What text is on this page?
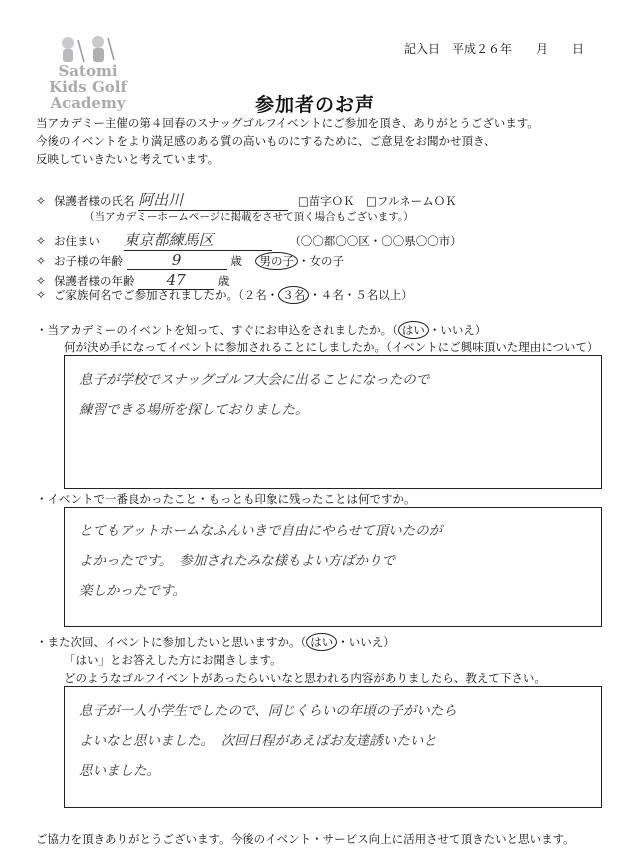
Satomi
Kids Golf
Academy
記入日　平成２６年　　月　　日
参加者のお声
当アカデミー主催の第４回春のスナッグゴルフイベントにご参加を頂き、ありがとうございます。
今後のイベントをより満足感のある質の高いものにするために、ご意見をお聞かせ頂き、
反映していきたいと考えています。
✧ 保護者様の氏名 阿出川	□苗字ＯＫ　□フルネームＯＫ
（当アカデミーホームページに掲載をさせて頂く場合もございます。）
✧ お住まい 東京都練馬区	（〇〇都〇〇区・〇〇県〇〇市）
✧ お子様の年齢	9	歳 男の子 ・女の子
✧ 保護者様の年齢 47	歳
✧ ご家族何名でご参加されましたか。（２名・ ３名 ・４名・５名以上）
・当アカデミーのイベントを知って、すぐにお申込をされましたか。（ はい ・いいえ）
何が決め手になってイベントに参加されることにしましたか。（イベントにご興味頂いた理由について）
息子が学校でスナッグゴルフ大会に出ることになったので
練習できる場所を探しておりました。
・イベントで一番良かったこと・もっとも印象に残ったことは何ですか。
とてもアットホームなふんいきで自由にやらせて頂いたのが
よかったです。　参加されたみな様もよい方ばかりで
楽しかったです。
・また次回、イベントに参加したいと思いますか。（ はい ・いいえ）
「はい」とお答えした方にお聞きします。
どのようなゴルフイベントがあったらいいなと思われる内容がありましたら、教えて下さい。
息子が一人小学生でしたので、同じくらいの年頃の子がいたら
よいなと思いました。　次回日程があえばお友達誘いたいと
思いました。
ご協力を頂きありがとうございます。今後のイベント・サービス向上に活用させて頂きたいと思います。
